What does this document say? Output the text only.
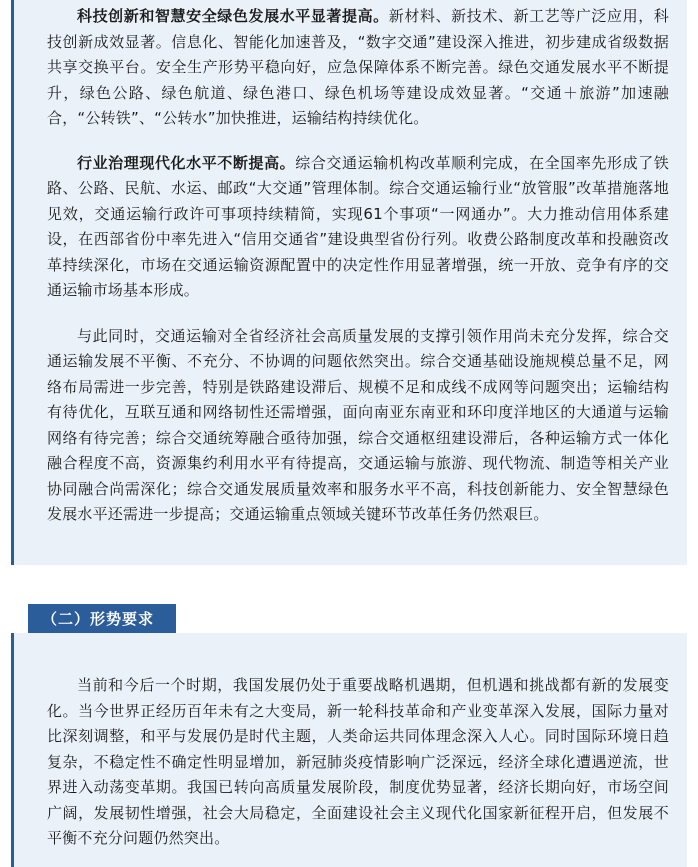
科技创新和智慧安全绿色发展水平显著提高。新材料、新技术、新工艺等广泛应用，科技创新成效显著。信息化、智能化加速普及，“数字交通”建设深入推进，初步建成省级数据共享交换平台。安全生产形势平稳向好，应急保障体系不断完善。绿色交通发展水平不断提升，绿色公路、绿色航道、绿色港口、绿色机场等建设成效显著。“交通＋旅游”加速融合，“公转铁”、“公转水”加快推进，运输结构持续优化。

行业治理现代化水平不断提高。综合交通运输机构改革顺利完成，在全国率先形成了铁路、公路、民航、水运、邮政“大交通”管理体制。综合交通运输行业“放管服”改革措施落地见效，交通运输行政许可事项持续精简，实现61个事项“一网通办”。大力推动信用体系建设，在西部省份中率先进入“信用交通省”建设典型省份行列。收费公路制度改革和投融资改革持续深化，市场在交通运输资源配置中的决定性作用显著增强，统一开放、竞争有序的交通运输市场基本形成。

与此同时，交通运输对全省经济社会高质量发展的支撑引领作用尚未充分发挥，综合交通运输发展不平衡、不充分、不协调的问题依然突出。综合交通基础设施规模总量不足，网络布局需进一步完善，特别是铁路建设滞后、规模不足和成线不成网等问题突出；运输结构有待优化，互联互通和网络韧性还需增强，面向南亚东南亚和环印度洋地区的大通道与运输网络有待完善；综合交通统筹融合亟待加强，综合交通枢纽建设滞后，各种运输方式一体化融合程度不高，资源集约利用水平有待提高，交通运输与旅游、现代物流、制造等相关产业协同融合尚需深化；综合交通发展质量效率和服务水平不高，科技创新能力、安全智慧绿色发展水平还需进一步提高；交通运输重点领域关键环节改革任务仍然艰巨。

（二）形势要求

当前和今后一个时期，我国发展仍处于重要战略机遇期，但机遇和挑战都有新的发展变化。当今世界正经历百年未有之大变局，新一轮科技革命和产业变革深入发展，国际力量对比深刻调整，和平与发展仍是时代主题，人类命运共同体理念深入人心。同时国际环境日趋复杂，不稳定性不确定性明显增加，新冠肺炎疫情影响广泛深远，经济全球化遭遇逆流，世界进入动荡变革期。我国已转向高质量发展阶段，制度优势显著，经济长期向好，市场空间广阔，发展韧性增强，社会大局稳定，全面建设社会主义现代化国家新征程开启，但发展不平衡不充分问题仍然突出。
